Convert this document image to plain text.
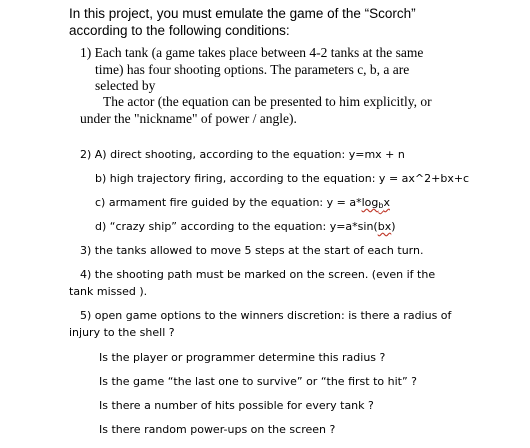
In this project, you must emulate the game of the “Scorch”
according to the following conditions:
1) Each tank (a game takes place between 4-2 tanks at the same
time) has four shooting options. The parameters c, b, a are
selected by
The actor (the equation can be presented to him explicitly, or
under the "nickname" of power / angle).
2) A) direct shooting, according to the equation: y=mx + n
b) high trajectory firing, according to the equation: y = ax^2+bx+c
c) armament fire guided by the equation: $y = a*\log_bx$
d) “crazy ship” according to the equation: y=a*sin(bx)
3) the tanks allowed to move 5 steps at the start of each turn.
4) the shooting path must be marked on the screen. (even if the
tank missed ).
5) open game options to the winners discretion: is there a radius of
injury to the shell ?
Is the player or programmer determine this radius ?
Is the game “the last one to survive” or “the first to hit” ?
Is there a number of hits possible for every tank ?
Is there random power-ups on the screen ?
